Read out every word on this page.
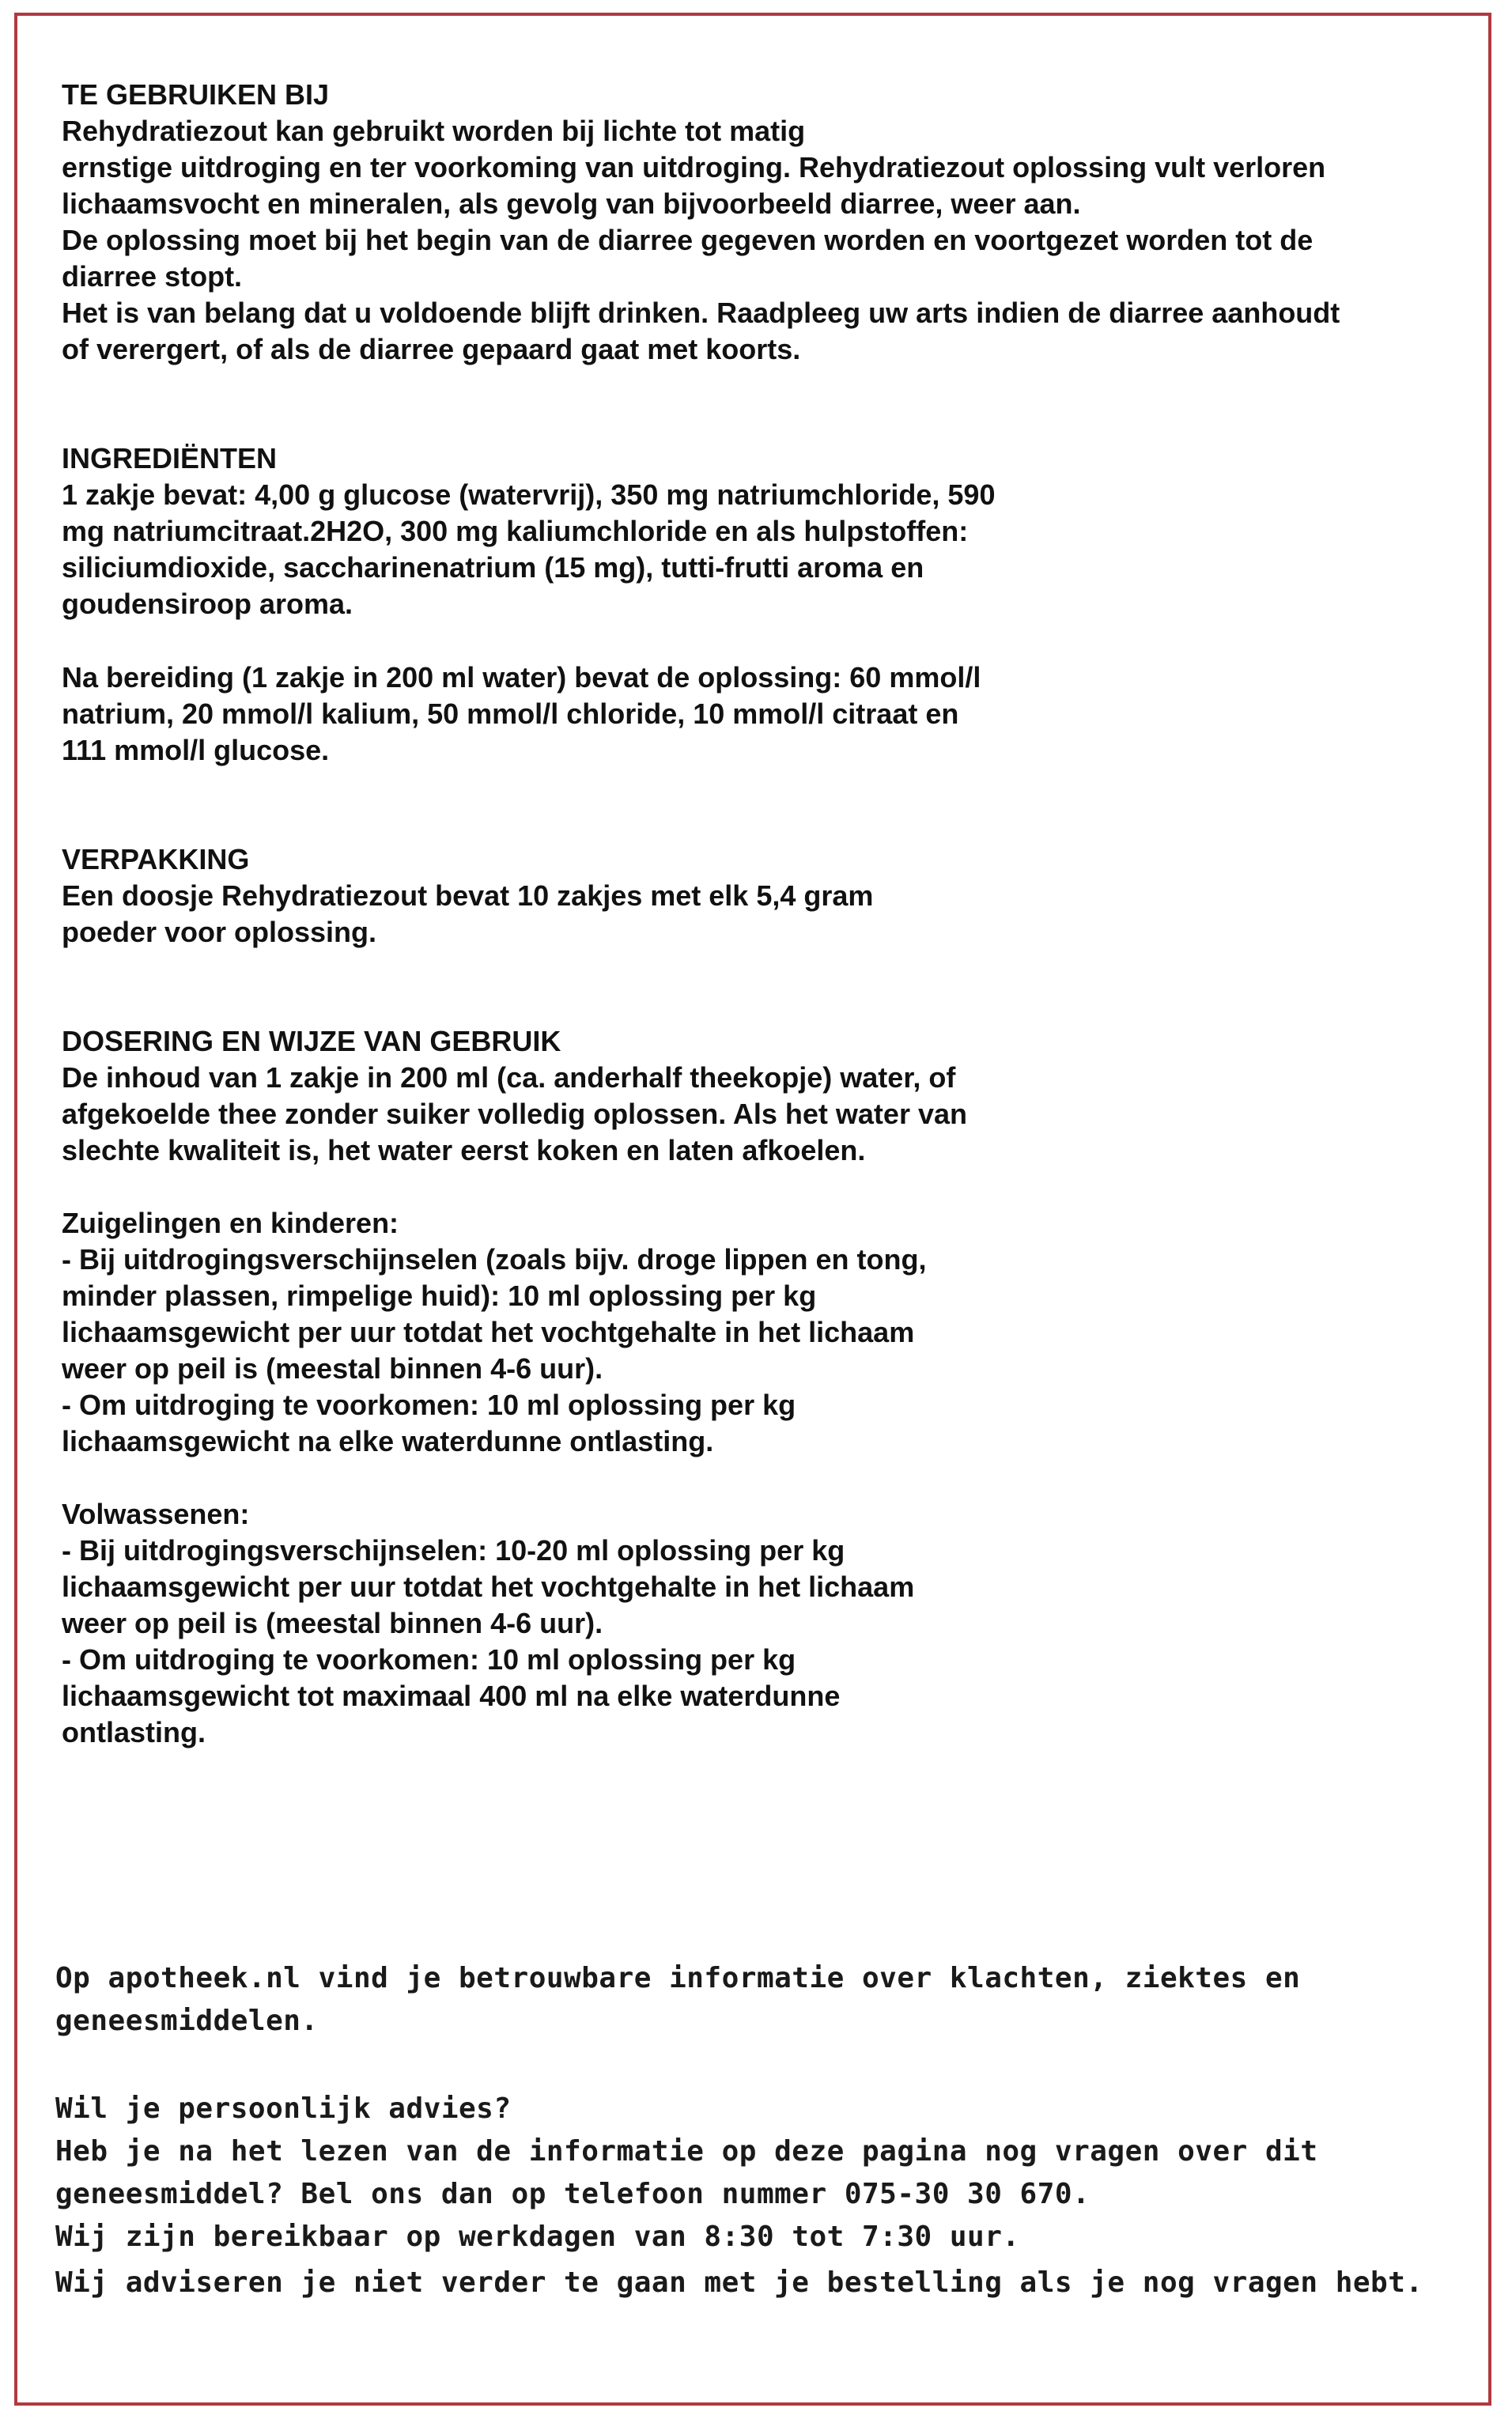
TE GEBRUIKEN BIJ

Rehydratiezout kan gebruikt worden bij lichte tot matig

ernstige uitdroging en ter voorkoming van uitdroging. Rehydratiezout oplossing vult verloren

lichaamsvocht en mineralen, als gevolg van bijvoorbeeld diarree, weer aan.

De oplossing moet bij het begin van de diarree gegeven worden en voortgezet worden tot de

diarree stopt.

Het is van belang dat u voldoende blijft drinken. Raadpleeg uw arts indien de diarree aanhoudt

of verergert, of als de diarree gepaard gaat met koorts.

INGREDIËNTEN

1 zakje bevat: 4,00 g glucose (watervrij), 350 mg natriumchloride, 590

mg natriumcitraat.2H2O, 300 mg kaliumchloride en als hulpstoffen:

siliciumdioxide, saccharinenatrium (15 mg), tutti-frutti aroma en

goudensiroop aroma.

Na bereiding (1 zakje in 200 ml water) bevat de oplossing: 60 mmol/l

natrium, 20 mmol/l kalium, 50 mmol/l chloride, 10 mmol/l citraat en

111 mmol/l glucose.

VERPAKKING

Een doosje Rehydratiezout bevat 10 zakjes met elk 5,4 gram

poeder voor oplossing.

DOSERING EN WIJZE VAN GEBRUIK

De inhoud van 1 zakje in 200 ml (ca. anderhalf theekopje) water, of

afgekoelde thee zonder suiker volledig oplossen. Als het water van

slechte kwaliteit is, het water eerst koken en laten afkoelen.

Zuigelingen en kinderen:

- Bij uitdrogingsverschijnselen (zoals bijv. droge lippen en tong,

minder plassen, rimpelige huid): 10 ml oplossing per kg

lichaamsgewicht per uur totdat het vochtgehalte in het lichaam

weer op peil is (meestal binnen 4-6 uur).

- Om uitdroging te voorkomen: 10 ml oplossing per kg

lichaamsgewicht na elke waterdunne ontlasting.

Volwassenen:

- Bij uitdrogingsverschijnselen: 10-20 ml oplossing per kg

lichaamsgewicht per uur totdat het vochtgehalte in het lichaam

weer op peil is (meestal binnen 4-6 uur).

- Om uitdroging te voorkomen: 10 ml oplossing per kg

lichaamsgewicht tot maximaal 400 ml na elke waterdunne

ontlasting.

Op apotheek.nl vind je betrouwbare informatie over klachten, ziektes en

geneesmiddelen.

Wil je persoonlijk advies?

Heb je na het lezen van de informatie op deze pagina nog vragen over dit

geneesmiddel? Bel ons dan op telefoon nummer 075-30 30 670.

Wij zijn bereikbaar op werkdagen van 8:30 tot 7:30 uur.

Wij adviseren je niet verder te gaan met je bestelling als je nog vragen hebt.
